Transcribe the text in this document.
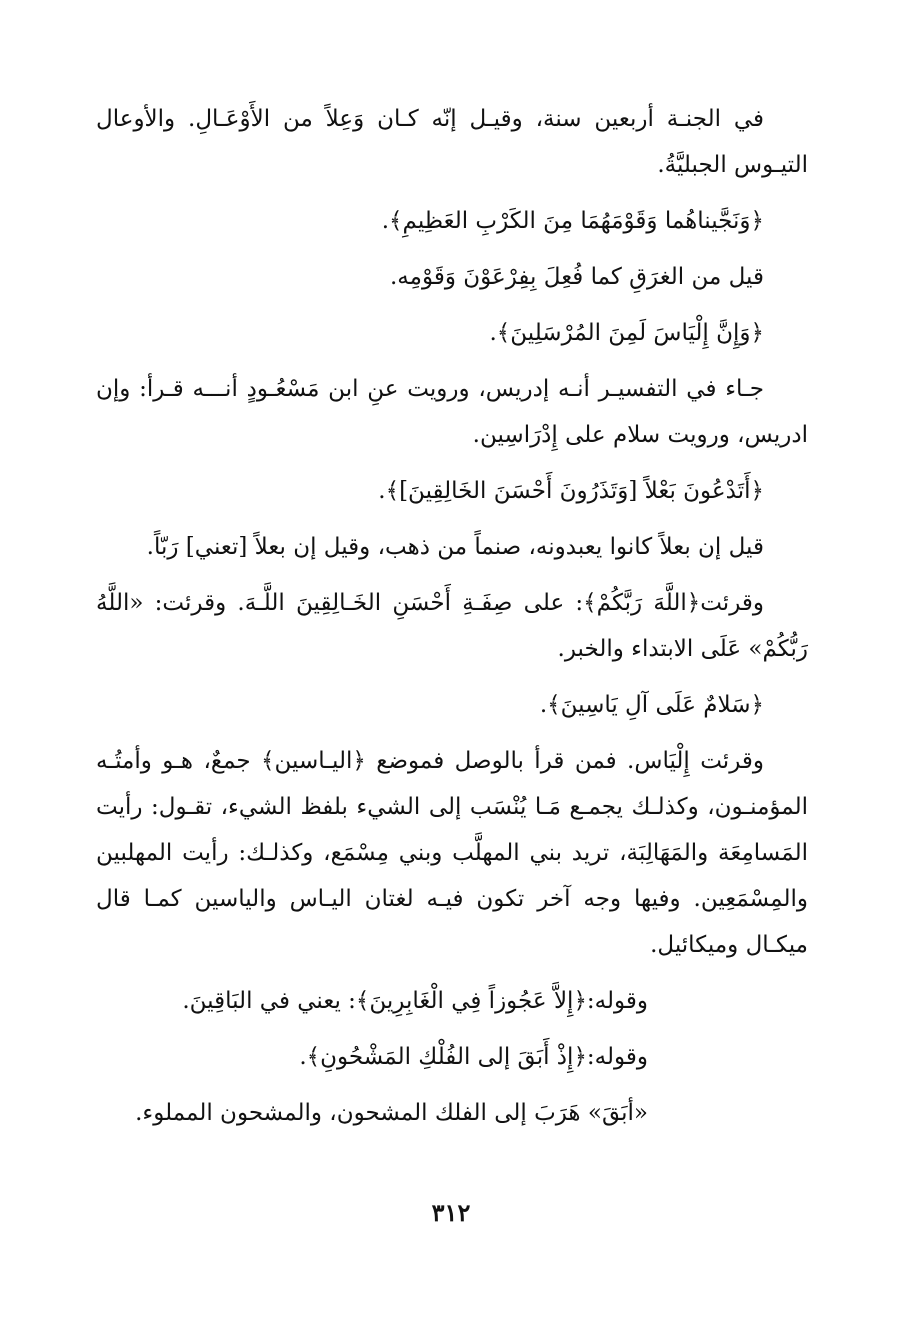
في الجنـة أربعين سنة، وقيـل إنّه كـان وَعِلاً من الأَوْعَـالِ. والأوعال التيـوس الجبليَّةُ.

﴿وَنَجَّيناهُما وَقَوْمَهُمَا مِنَ الكَرْبِ العَظِيمِ﴾.

قيل من الغرَقِ كما فُعِلَ بِفِرْعَوْنَ وَقَوْمِه.

﴿وَإِنَّ إِلْيَاسَ لَمِنَ المُرْسَلِينَ﴾.

جـاء في التفسيـر أنـه إدريس، ورويت عنِ ابن مَسْعُـودٍ أنـــه قـرأ: وإن ادريس، ورويت سلام على إِدْرَاسِين.

﴿أَتَدْعُونَ بَعْلاً [وَتَذَرُونَ أَحْسَنَ الخَالِقِينَ]﴾.

قيل إن بعلاً كانوا يعبدونه، صنماً من ذهب، وقيل إن بعلاً [تعني] رَبّاً.

وقرئت﴿اللَّهَ رَبَّكُمْ﴾: على صِفَـةِ أَحْسَنِ الخَـالِقِينَ اللَّـهَ. وقرئت: «اللَّهُ رَبُّكُمْ» عَلَى الابتداء والخبر.

﴿سَلامٌ عَلَى آلِ يَاسِينَ﴾.

وقرئت إِلْيَاس. فمن قرأ بالوصل فموضع ﴿اليـاسين﴾ جمعٌ، هـو وأمتُـه المؤمنـون، وكذلـك يجمـع مَـا يُنْسَب إلى الشيء بلفظ الشيء، تقـول: رأيت المَسامِعَة والمَهَالِبَة، تريد بني المهلَّب وبني مِسْمَع، وكذلـك: رأيت المهلبين والمِسْمَعِين. وفيها وجه آخر تكون فيـه لغتان اليـاس والياسين كمـا قال ميكـال وميكائيل.

وقوله:﴿إِلاَّ عَجُوزاً فِي الْغَابِرِينَ﴾: يعني في البَاقِينَ.

وقوله:﴿إِذْ أَبَقَ إلى الفُلْكِ المَشْحُونِ﴾.

«أبَقَ» هَرَبَ إلى الفلك المشحون، والمشحون المملوء.

٣١٢
